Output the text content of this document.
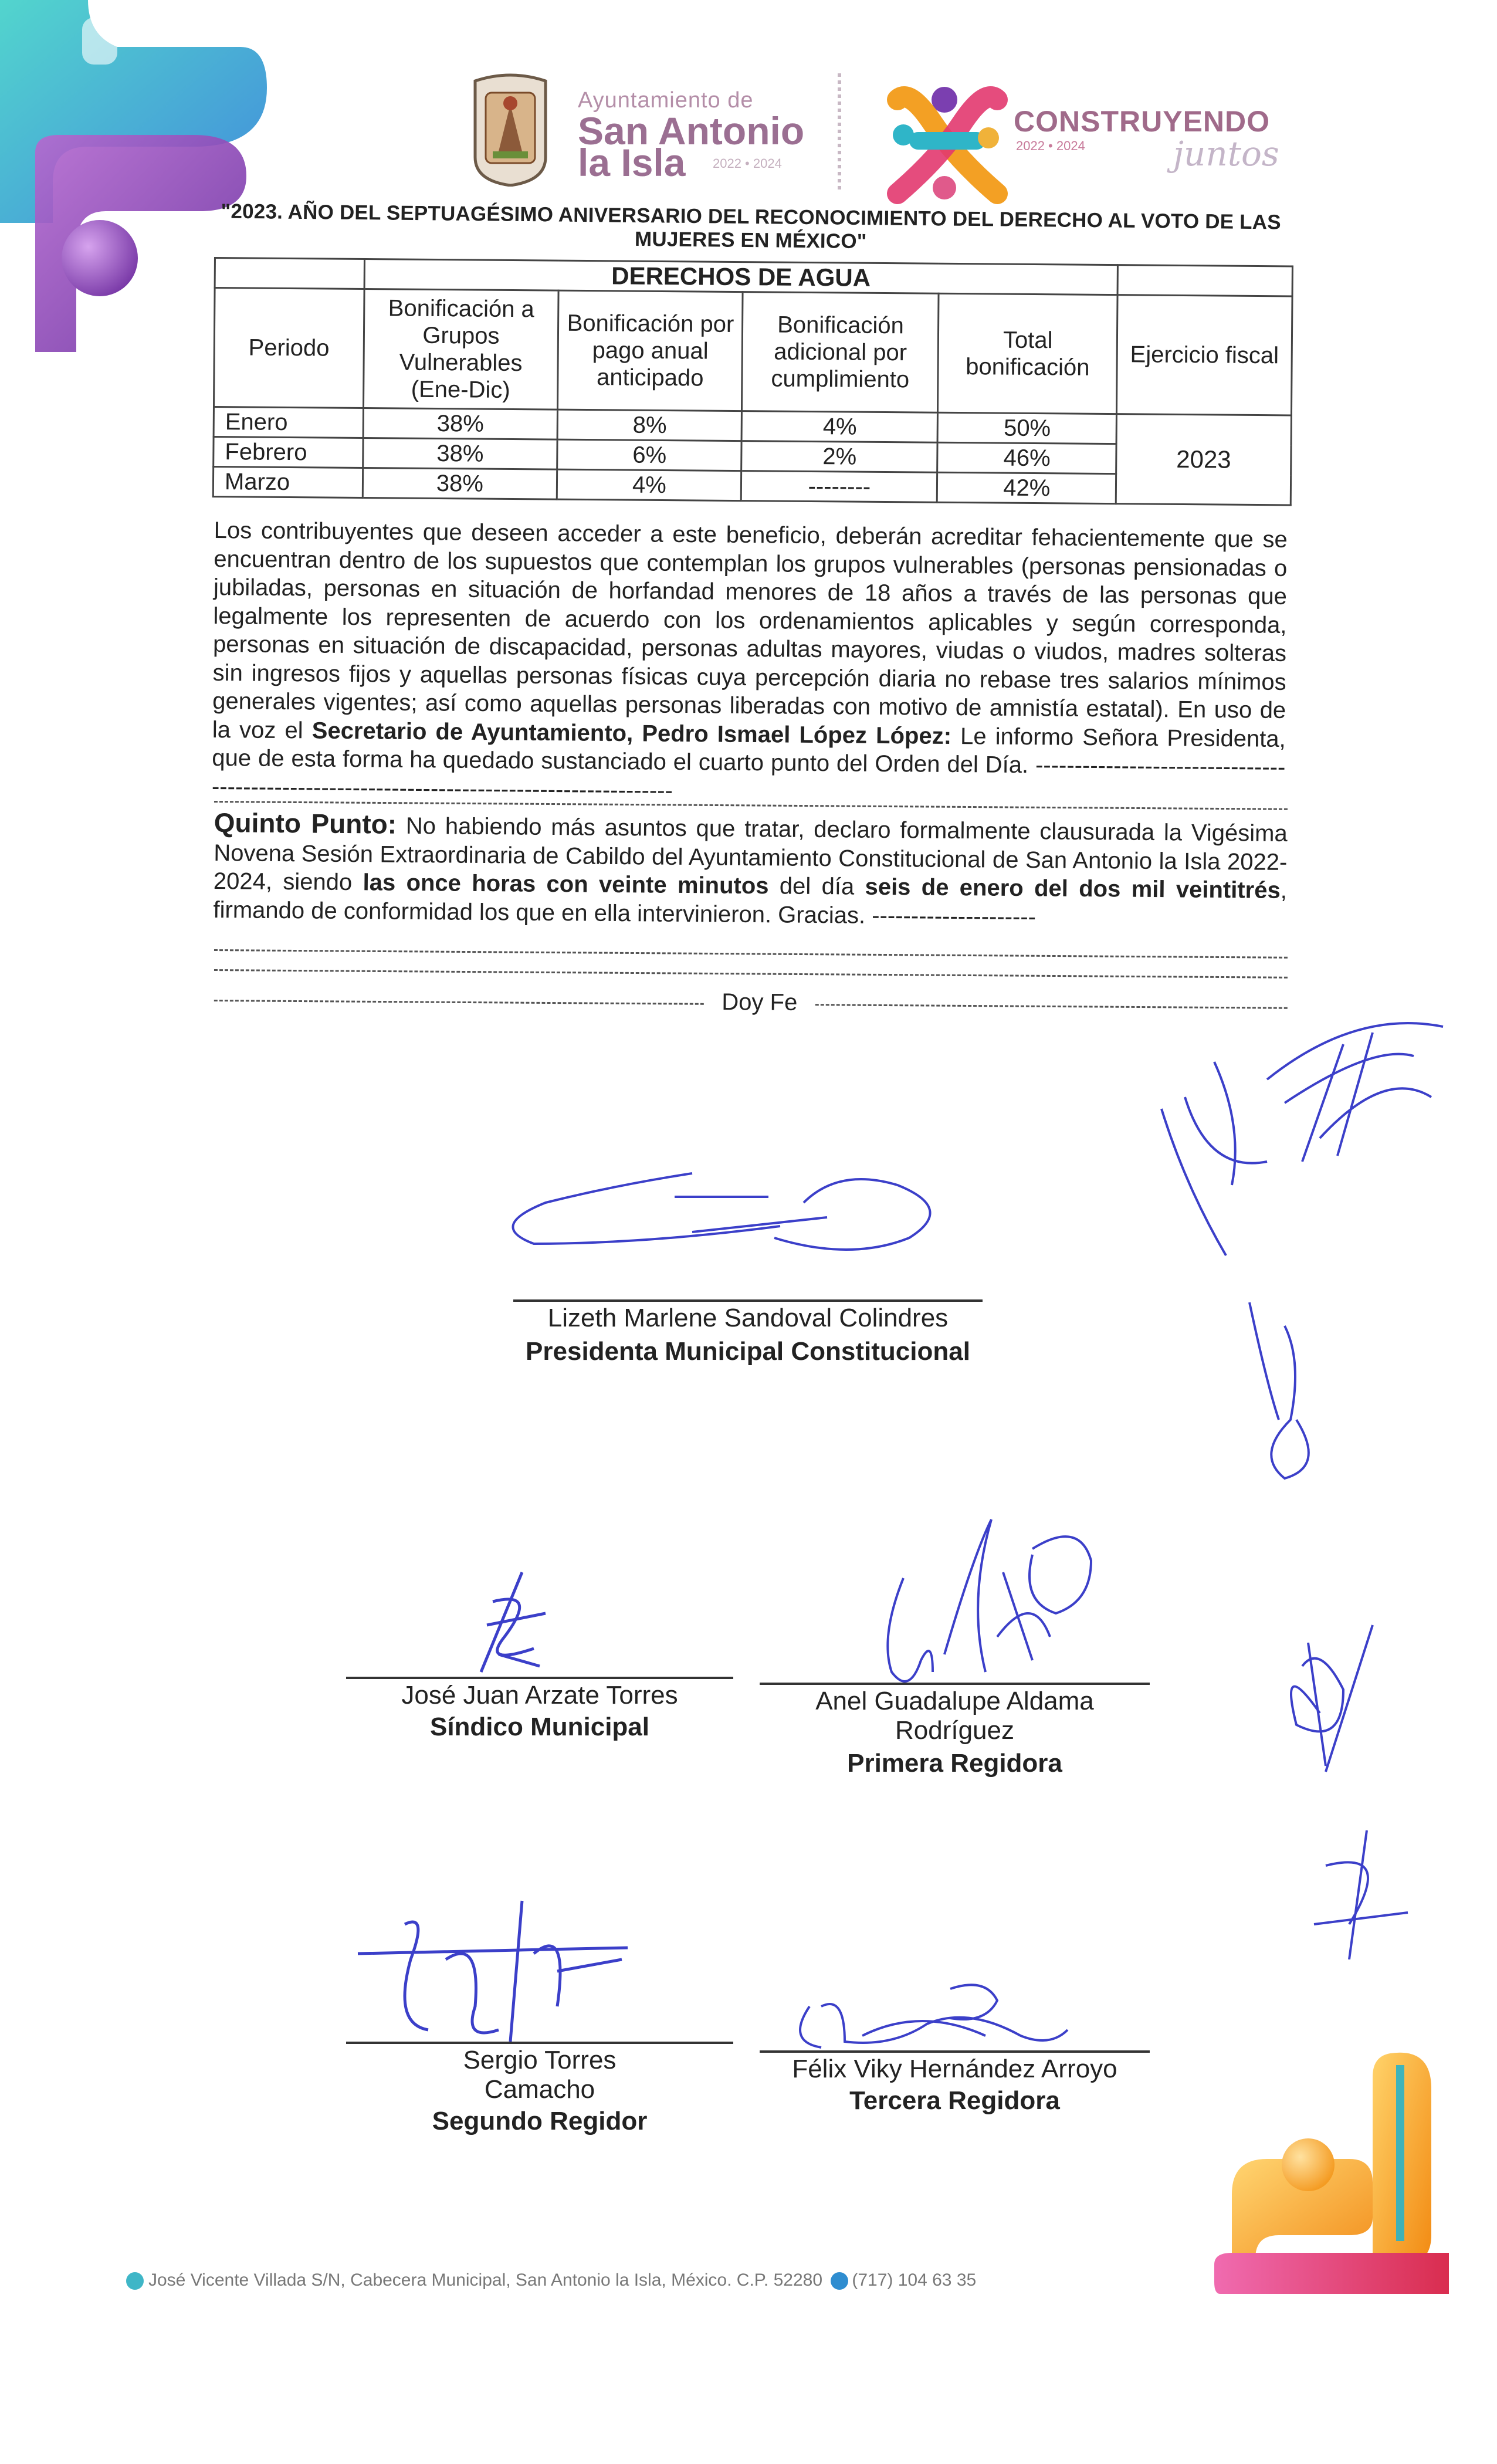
Ayuntamiento de
San Antonio
la Isla 2022 • 2024
CONSTRUYENDO
2022 • 2024	juntos
"2023. AÑO DEL SEPTUAGÉSIMO ANIVERSARIO DEL RECONOCIMIENTO DEL DERECHO AL VOTO DE LAS MUJERES EN MÉXICO"
	DERECHOS DE AGUA				
Periodo	Bonificación a Grupos Vulnerables (Ene-Dic)	Bonificación por pago anual anticipado	Bonificación adicional por cumplimiento	Total bonificación	Ejercicio fiscal
Enero	38%	8%	4%	50%	2023
Febrero	38%	6%	2%	46%	
Marzo	38%	4%	--------	42%	
Los contribuyentes que deseen acceder a este beneficio, deberán acreditar fehacientemente que se encuentran dentro de los supuestos que contemplan los grupos vulnerables (personas pensionadas o jubiladas, personas en situación de horfandad menores de 18 años a través de las personas que legalmente los representen de acuerdo con los ordenamientos aplicables y según corresponda, personas en situación de discapacidad, personas adultas mayores, viudas o viudos, madres solteras sin ingresos fijos y aquellas personas físicas cuya percepción diaria no rebase tres salarios mínimos generales vigentes; así como aquellas personas liberadas con motivo de amnistía estatal). En uso de la voz el Secretario de Ayuntamiento, Pedro Ismael López López: Le informo Señora Presidenta, que de esta forma ha quedado sustanciado el cuarto punto del Orden del Día. -------------------------------------------------------------------------------------------
Quinto Punto: No habiendo más asuntos que tratar, declaro formalmente clausurada la Vigésima Novena Sesión Extraordinaria de Cabildo del Ayuntamiento Constitucional de San Antonio la Isla 2022-2024, siendo las once horas con veinte minutos del día seis de enero del dos mil veintitrés, firmando de conformidad los que en ella intervinieron. Gracias. ---------------------
Doy Fe
Lizeth Marlene Sandoval Colindres
Presidenta Municipal Constitucional
José Juan Arzate Torres
Síndico Municipal
Anel Guadalupe Aldama Rodríguez
Primera Regidora
Sergio Torres Camacho
Segundo Regidor
Félix Viky Hernández Arroyo
Tercera Regidora
José Vicente Villada S/N, Cabecera Municipal, San Antonio la Isla, México. C.P. 52280 (717) 104 63 35
